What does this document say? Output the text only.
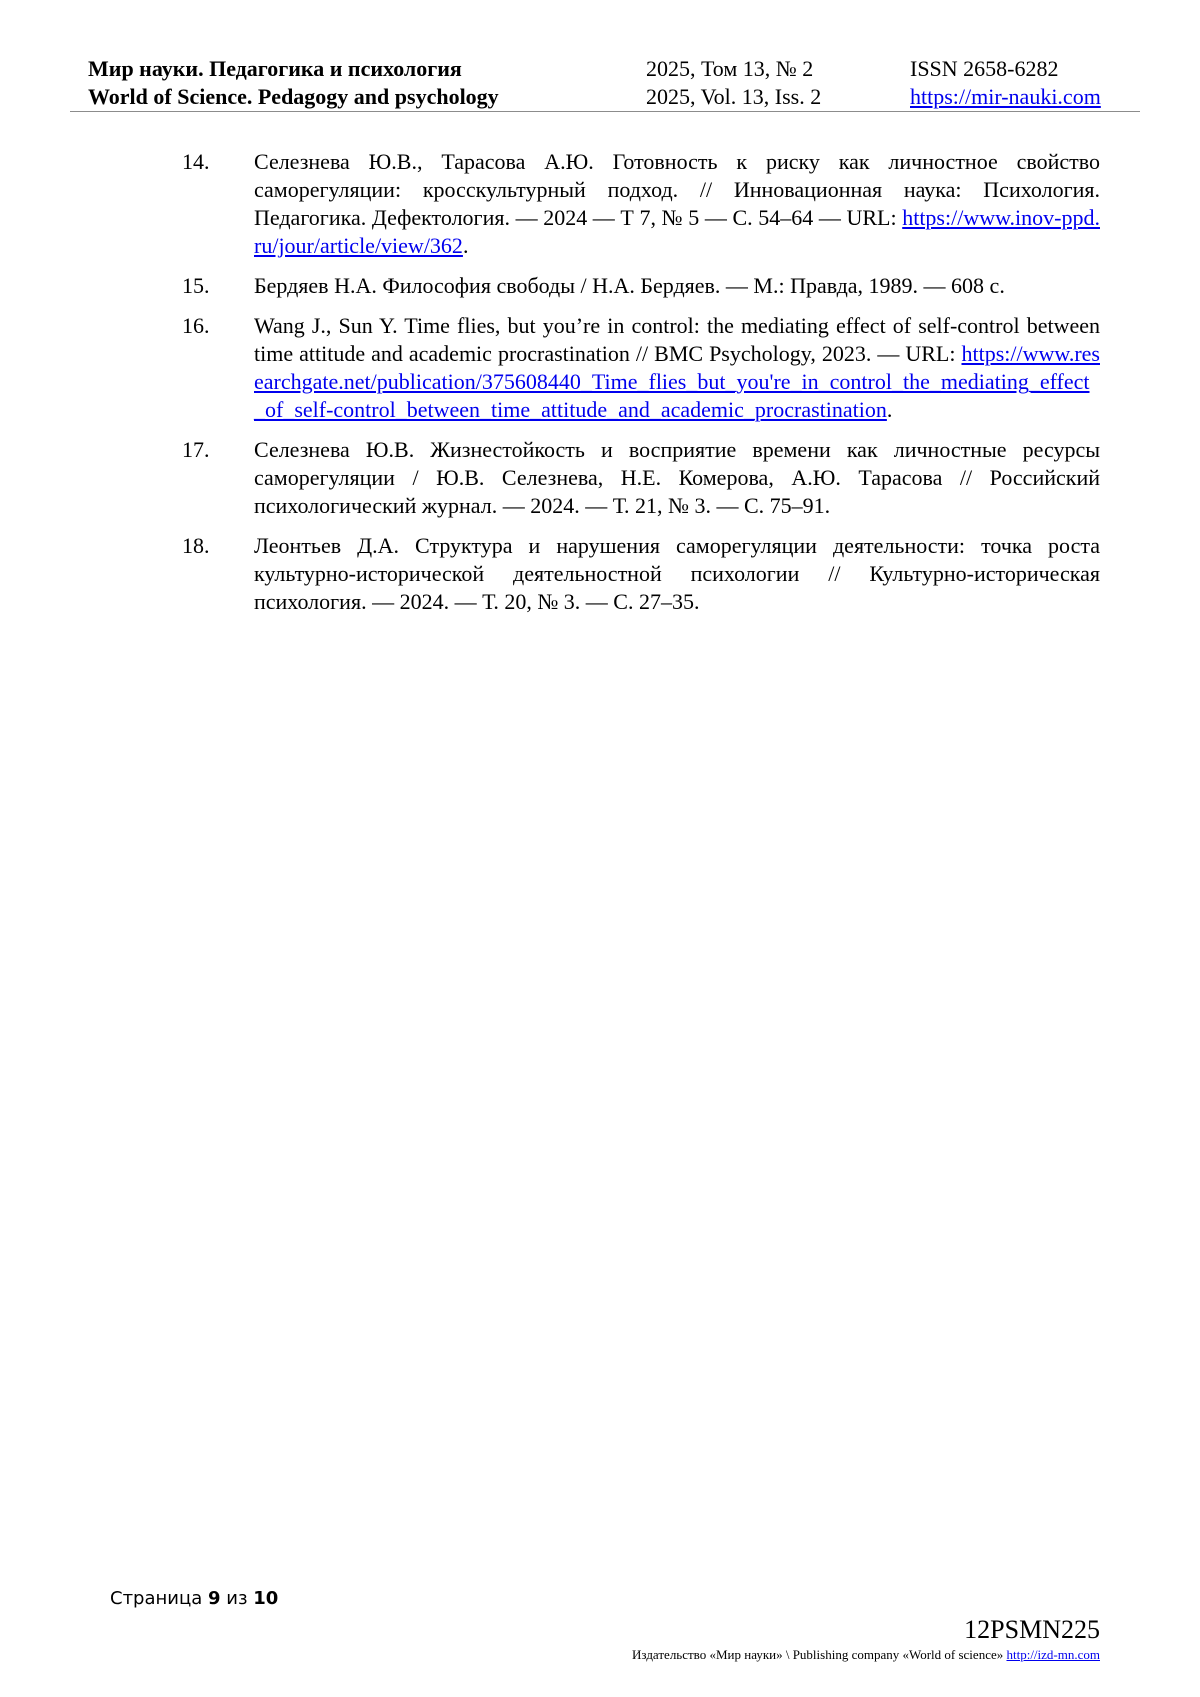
Мир науки. Педагогика и психология
World of Science. Pedagogy and psychology
2025, Том 13, № 2
2025, Vol. 13, Iss. 2
ISSN 2658-6282
https://mir-nauki.com
14. Селезнева Ю.В., Тарасова А.Ю. Готовность к риску как личностное свойство саморегуляции: кросскультурный подход. // Инновационная наука: Психология. Педагогика. Дефектология. — 2024 — Т 7, № 5 — С. 54–64 — URL: https://www.inov-ppd.ru/jour/article/view/362.
15. Бердяев Н.А. Философия свободы / Н.А. Бердяев. — М.: Правда, 1989. — 608 с.
16. Wang J., Sun Y. Time flies, but you’re in control: the mediating effect of self-control between time attitude and academic procrastination // BMC Psychology, 2023. — URL: https://www.researchgate.net/publication/375608440_Time_flies_but_you're_in_control_the_mediating_effect_of_self-control_between_time_attitude_and_academic_procrastination.
17. Селезнева Ю.В. Жизнестойкость и восприятие времени как личностные ресурсы саморегуляции / Ю.В. Селезнева, Н.Е. Комерова, А.Ю. Тарасова // Российский психологический журнал. — 2024. — Т. 21, № 3. — С. 75–91.
18. Леонтьев Д.А. Структура и нарушения саморегуляции деятельности: точка роста культурно-исторической деятельностной психологии // Культурно-историческая психология. — 2024. — Т. 20, № 3. — С. 27–35.
Страница 9 из 10
12PSMN225
Издательство «Мир науки» \ Publishing company «World of science» http://izd-mn.com
